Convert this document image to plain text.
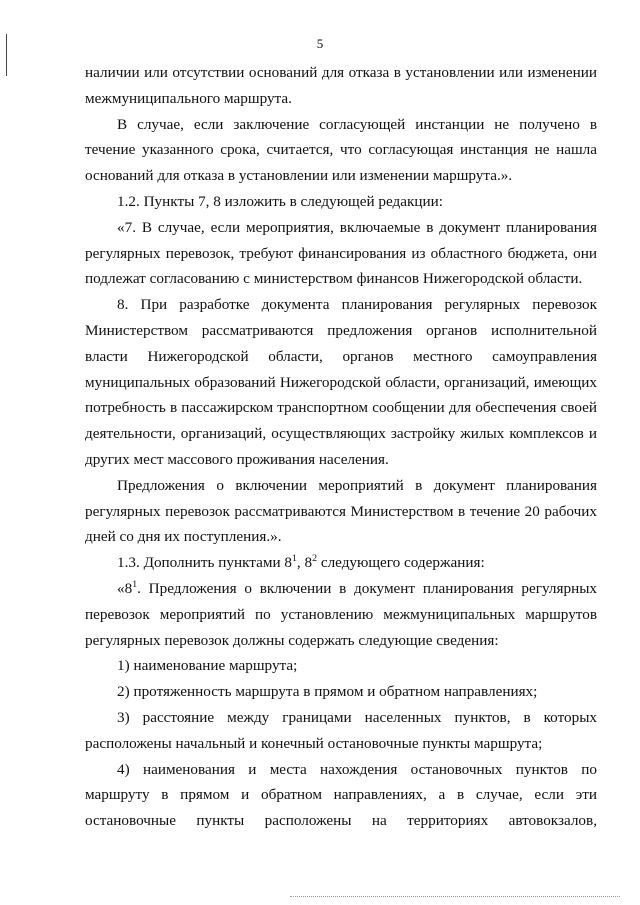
5

наличии или отсутствии оснований для отказа в установлении или изменении межмуниципального маршрута.

В случае, если заключение согласующей инстанции не получено в течение указанного срока, считается, что согласующая инстанция не нашла оснований для отказа в установлении или изменении маршрута.».

1.2. Пункты 7, 8 изложить в следующей редакции:

«7. В случае, если мероприятия, включаемые в документ планирования регулярных перевозок, требуют финансирования из областного бюджета, они подлежат согласованию с министерством финансов Нижегородской области.

8. При разработке документа планирования регулярных перевозок Министерством рассматриваются предложения органов исполнительной власти Нижегородской области, органов местного самоуправления муниципальных образований Нижегородской области, организаций, имеющих потребность в пассажирском транспортном сообщении для обеспечения своей деятельности, организаций, осуществляющих застройку жилых комплексов и других мест массового проживания населения.

Предложения о включении мероприятий в документ планирования регулярных перевозок рассматриваются Министерством в течение 20 рабочих дней со дня их поступления.».

1.3. Дополнить пунктами $8^1$, $8^2$ следующего содержания:

«$8^1$. Предложения о включении в документ планирования регулярных перевозок мероприятий по установлению межмуниципальных маршрутов регулярных перевозок должны содержать следующие сведения:

1) наименование маршрута;

2) протяженность маршрута в прямом и обратном направлениях;

3) расстояние между границами населенных пунктов, в которых расположены начальный и конечный остановочные пункты маршрута;

4) наименования и места нахождения остановочных пунктов по маршруту в прямом и обратном направлениях, а в случае, если эти остановочные пункты расположены на территориях автовокзалов,
